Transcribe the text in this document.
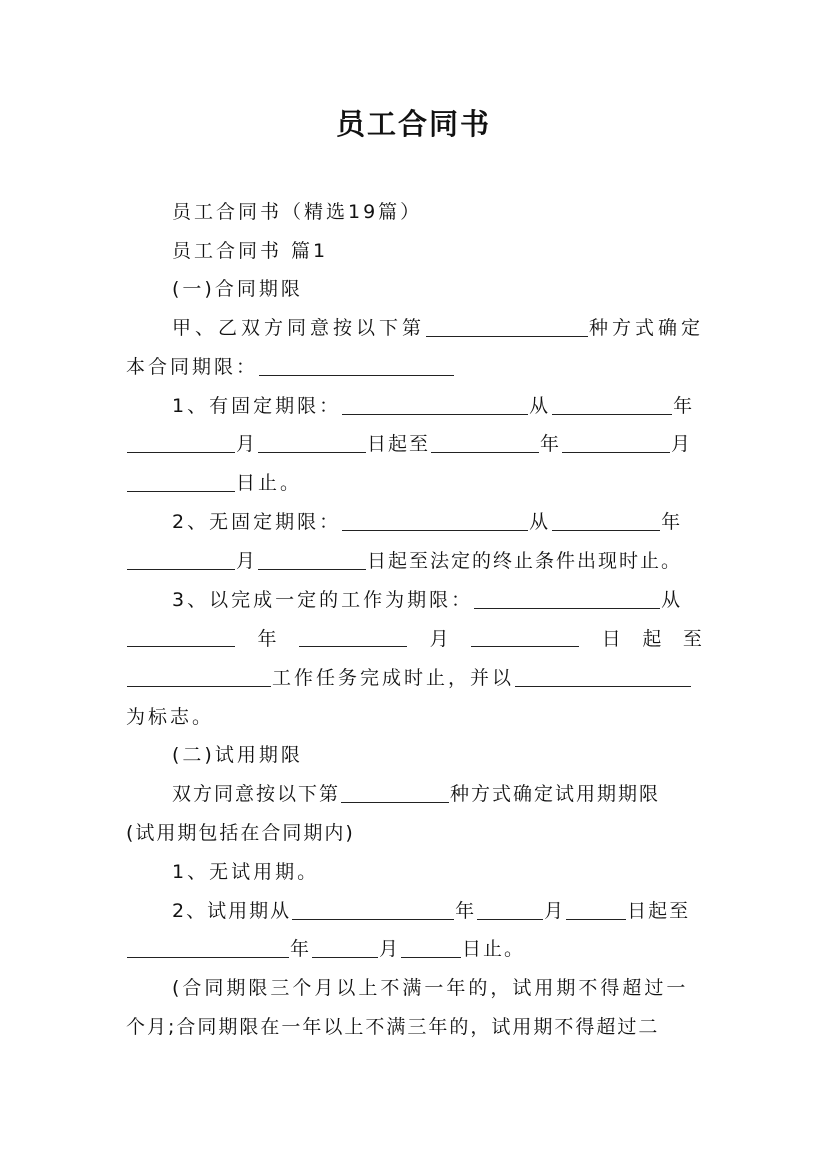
员工合同书
员工合同书（精选19篇）
员工合同书 篇1
(一)合同期限
甲、乙双方同意按以下第	种方式确定
本合同期限：
1、有固定期限：	从	年
月	日起至	年	月
日止。
2、无固定期限：	从	年
月	日起至法定的终止条件出现时止。
3、以完成一定的工作为期限：	从
年	月	日 起 至
工作任务完成时止，并以
为标志。
(二)试用期限
双方同意按以下第	种方式确定试用期期限
(试用期包括在合同期内)
1、无试用期。
2、试用期从	年	月	日起至
年	月	日止。
(合同期限三个月以上不满一年的，试用期不得超过一
个月;合同期限在一年以上不满三年的，试用期不得超过二
